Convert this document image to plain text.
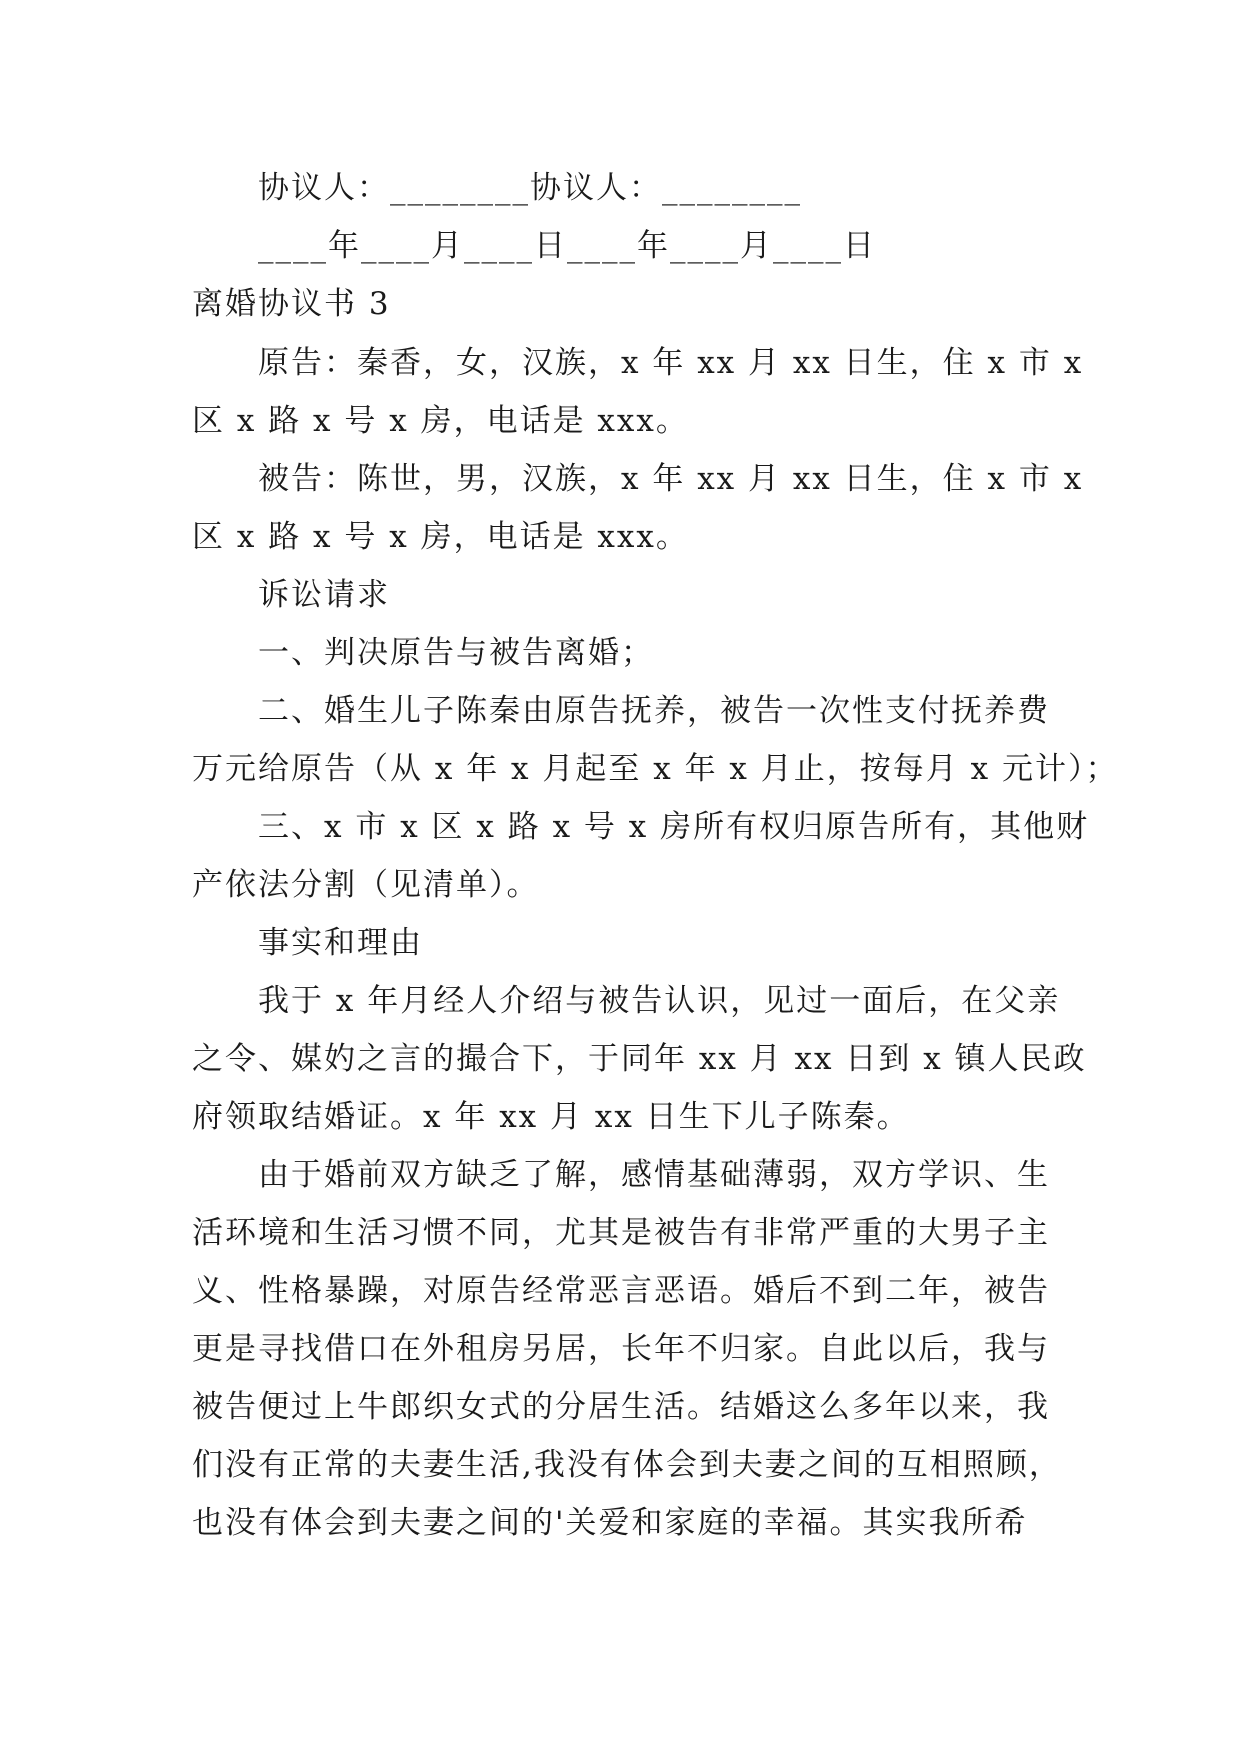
协议人：________协议人：________
____年____月____日____年____月____日
离婚协议书 3
原告：秦香，女，汉族，x 年 xx 月 xx 日生，住 x 市 x
区 x 路 x 号 x 房，电话是 xxx。
被告：陈世，男，汉族，x 年 xx 月 xx 日生，住 x 市 x
区 x 路 x 号 x 房，电话是 xxx。
诉讼请求
一、判决原告与被告离婚；
二、婚生儿子陈秦由原告抚养，被告一次性支付抚养费
万元给原告（从 x 年 x 月起至 x 年 x 月止，按每月 x 元计）；
三、x 市 x 区 x 路 x 号 x 房所有权归原告所有，其他财
产依法分割（见清单）。
事实和理由
我于 x 年月经人介绍与被告认识，见过一面后，在父亲
之令、媒妁之言的撮合下，于同年 xx 月 xx 日到 x 镇人民政
府领取结婚证。x 年 xx 月 xx 日生下儿子陈秦。
由于婚前双方缺乏了解，感情基础薄弱，双方学识、生
活环境和生活习惯不同，尤其是被告有非常严重的大男子主
义、性格暴躁，对原告经常恶言恶语。婚后不到二年，被告
更是寻找借口在外租房另居，长年不归家。自此以后，我与
被告便过上牛郎织女式的分居生活。结婚这么多年以来，我
们没有正常的夫妻生活,我没有体会到夫妻之间的互相照顾，
也没有体会到夫妻之间的'关爱和家庭的幸福。其实我所希
